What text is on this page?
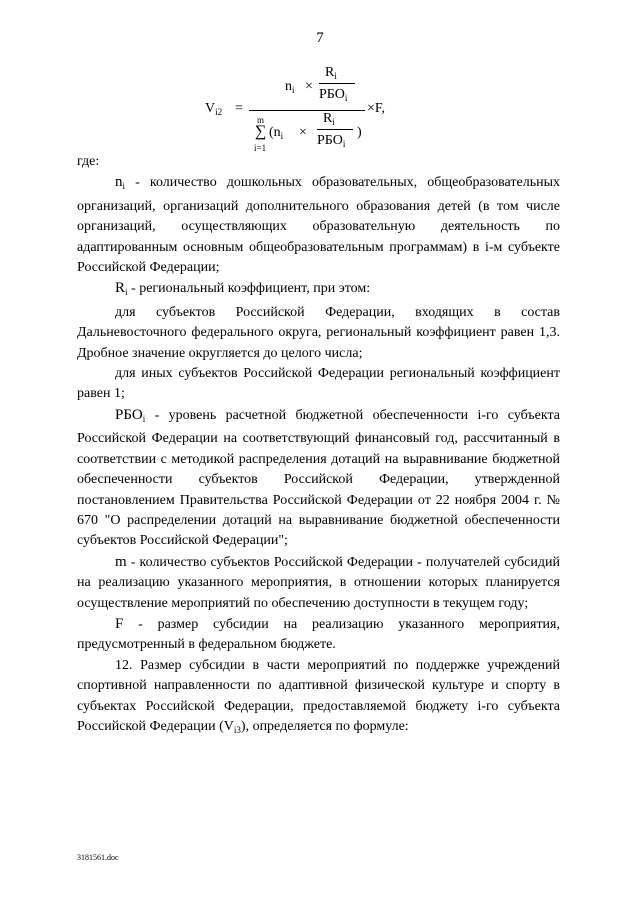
7
$V_{i2}$ =
$n_i$ ×
$R_i$
$РБО_i$
m
∑
i=1
($n_i$ ×
$R_i$
$РБО_i$
)
×F,

где:

$n_i$ - количество дошкольных образовательных, общеобразовательных организаций, организаций дополнительного образования детей (в том числе организаций, осуществляющих образовательную деятельность по адаптированным основным общеобразовательным программам) в i-м субъекте Российской Федерации;

$R_i$ - региональный коэффициент, при этом:

для субъектов Российской Федерации, входящих в состав Дальневосточного федерального округа, региональный коэффициент равен 1,3. Дробное значение округляется до целого числа;

для иных субъектов Российской Федерации региональный коэффициент равен 1;

$РБО_i$ - уровень расчетной бюджетной обеспеченности i-го субъекта Российской Федерации на соответствующий финансовый год, рассчитанный в соответствии с методикой распределения дотаций на выравнивание бюджетной обеспеченности субъектов Российской Федерации, утвержденной постановлением Правительства Российской Федерации от 22 ноября 2004 г. № 670 "О распределении дотаций на выравнивание бюджетной обеспеченности субъектов Российской Федерации";

m - количество субъектов Российской Федерации - получателей субсидий на реализацию указанного мероприятия, в отношении которых планируется осуществление мероприятий по обеспечению доступности в текущем году;

F - размер субсидии на реализацию указанного мероприятия, предусмотренный в федеральном бюджете.

12. Размер субсидии в части мероприятий по поддержке учреждений спортивной направленности по адаптивной физической культуре и спорту в субъектах Российской Федерации, предоставляемой бюджету i-го субъекта Российской Федерации $(V_{i3})$, определяется по формуле:

3181561.doc
